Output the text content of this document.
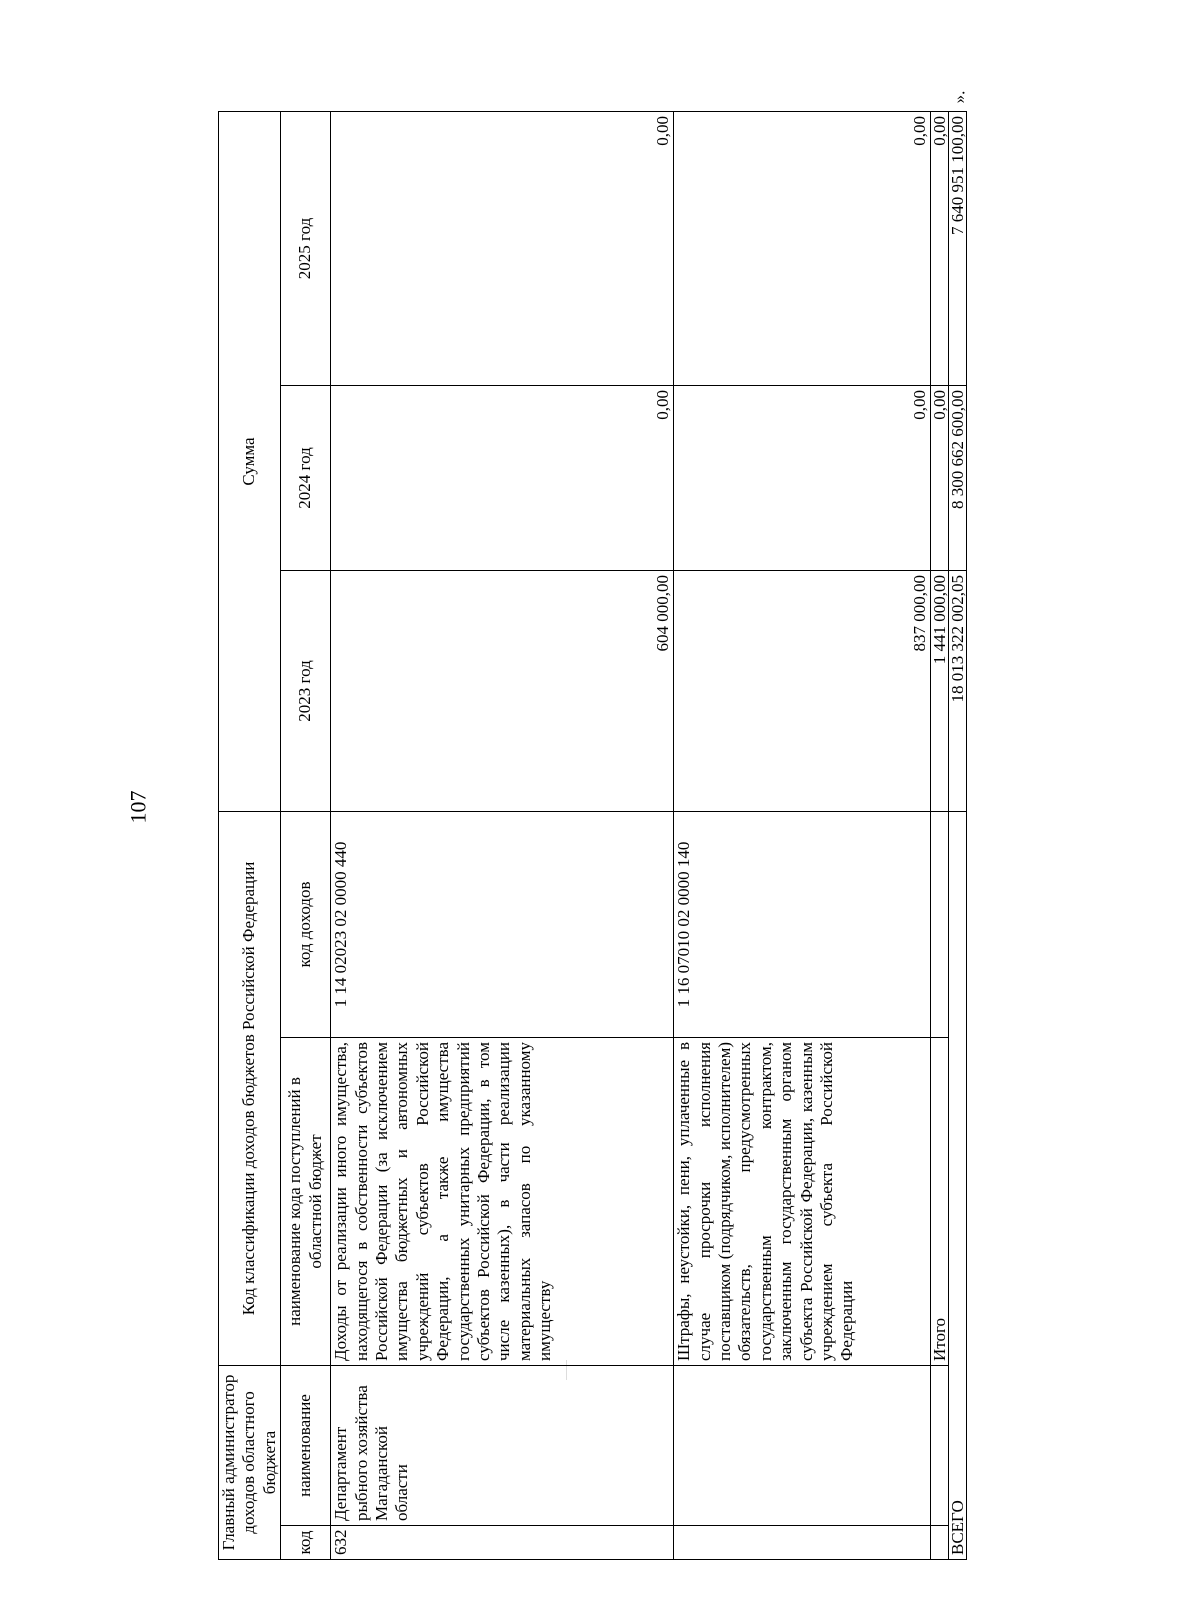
107
Главный администратор доходов областного бюджета		Код классификации доходов бюджетов Российской Федерации		Сумма		
код	наименование	наименование кода поступлений в областной бюджет	код доходов	2023 год	2024 год	2025 год
632	Департамент рыбного хозяйства Магаданской области	Доходы от реализации иного имущества, находящегося в собственности субъектов Российской Федерации (за исключением имущества бюджетных и автономных учреждений субъектов Российской Федерации, а также имущества государственных унитарных предприятий субъектов Российской Федерации, в том числе казенных), в части реализации материальных запасов по указанному имуществу	1 14 02023 02 0000 440	604 000,00	0,00	0,00
		Штрафы, неустойки, пени, уплаченные в случае просрочки исполнения поставщиком (подрядчиком, исполнителем) обязательств, предусмотренных государственным контрактом, заключенным государственным органом субъекта Российской Федерации, казенным учреждением субъекта Российской Федерации	1 16 07010 02 0000 140	837 000,00	0,00	0,00
		Итого		1 441 000,00	0,00	0,00
ВСЕГО				18 013 322 002,05	8 300 662 600,00	7 640 951 100,00
».
